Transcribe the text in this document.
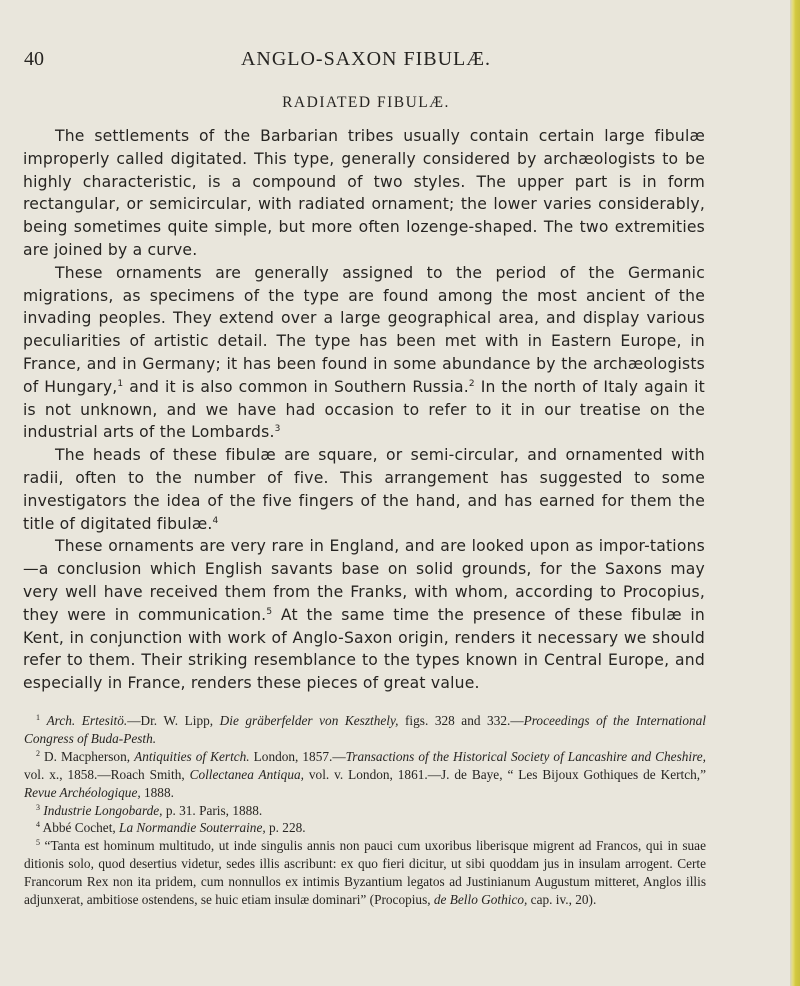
40	ANGLO-SAXON FIBULÆ.
RADIATED FIBULÆ.

The settlements of the Barbarian tribes usually contain certain large fibulæ improperly called digitated. This type, generally considered by archæologists to be highly characteristic, is a compound of two styles. The upper part is in form rectangular, or semicircular, with radiated ornament; the lower varies considerably, being sometimes quite simple, but more often lozenge-shaped. The two extremities are joined by a curve.

These ornaments are generally assigned to the period of the Germanic migrations, as specimens of the type are found among the most ancient of the invading peoples. They extend over a large geographical area, and display various peculiarities of artistic detail. The type has been met with in Eastern Europe, in France, and in Germany; it has been found in some abundance by the archæologists of Hungary,$^1$ and it is also common in Southern Russia.$^2$ In the north of Italy again it is not unknown, and we have had occasion to refer to it in our treatise on the industrial arts of the Lombards.$^3$

The heads of these fibulæ are square, or semi-circular, and ornamented with radii, often to the number of five. This arrangement has suggested to some investigators the idea of the five fingers of the hand, and has earned for them the title of digitated fibulæ.$^4$

These ornaments are very rare in England, and are looked upon as impor-tations—a conclusion which English savants base on solid grounds, for the Saxons may very well have received them from the Franks, with whom, according to Procopius, they were in communication.$^5$ At the same time the presence of these fibulæ in Kent, in conjunction with work of Anglo-Saxon origin, renders it necessary we should refer to them. Their striking resemblance to the types known in Central Europe, and especially in France, renders these pieces of great value.

$^1$ Arch. Ertesitö.—Dr. W. Lipp, Die gräberfelder von Keszthely, figs. 328 and 332.—Proceedings of the International Congress of Buda-Pesth.

$^2$ D. Macpherson, Antiquities of Kertch. London, 1857.—Transactions of the Historical Society of Lancashire and Cheshire, vol. x., 1858.—Roach Smith, Collectanea Antiqua, vol. v. London, 1861.—J. de Baye, “ Les Bijoux Gothiques de Kertch,” Revue Archéologique, 1888.

$^3$ Industrie Longobarde, p. 31. Paris, 1888.

$^4$ Abbé Cochet, La Normandie Souterraine, p. 228.

$^5$ “Tanta est hominum multitudo, ut inde singulis annis non pauci cum uxoribus liberisque migrent ad Francos, qui in suae ditionis solo, quod desertius videtur, sedes illis ascribunt: ex quo fieri dicitur, ut sibi quoddam jus in insulam arrogent. Certe Francorum Rex non ita pridem, cum nonnullos ex intimis Byzantium legatos ad Justinianum Augustum mitteret, Anglos illis adjunxerat, ambitiose ostendens, se huic etiam insulæ dominari” (Procopius, de Bello Gothico, cap. iv., 20).
